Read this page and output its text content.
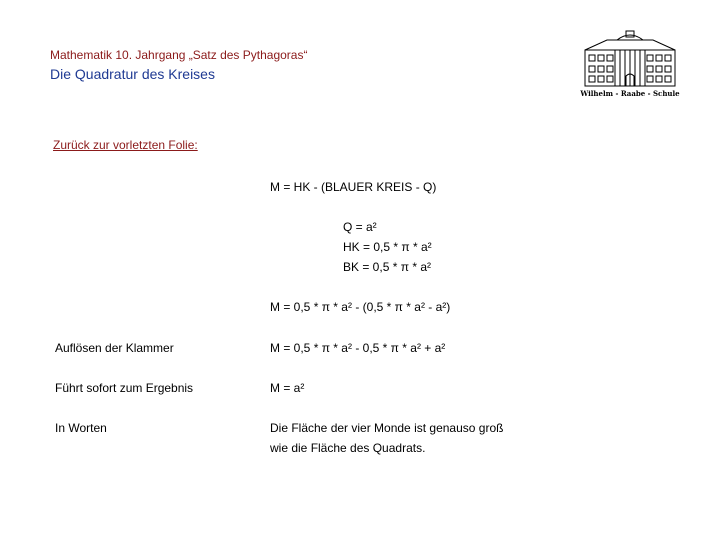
Mathematik 10. Jahrgang „Satz des Pythagoras“
Die Quadratur des Kreises
Wilhelm - Raabe - Schule
Zurück zur vorletzten Folie:
M = HK - (BLAUER KREIS - Q)
Q = a²
HK = 0,5 * π * a²
BK = 0,5 * π * a²
M = 0,5 * π * a² - (0,5 * π * a² - a²)
Auflösen der Klammer	M = 0,5 * π * a² - 0,5 * π * a² + a²
Führt sofort zum Ergebnis	M = a²
In Worten	Die Fläche der vier Monde ist genauso groß
wie die Fläche des Quadrats.
